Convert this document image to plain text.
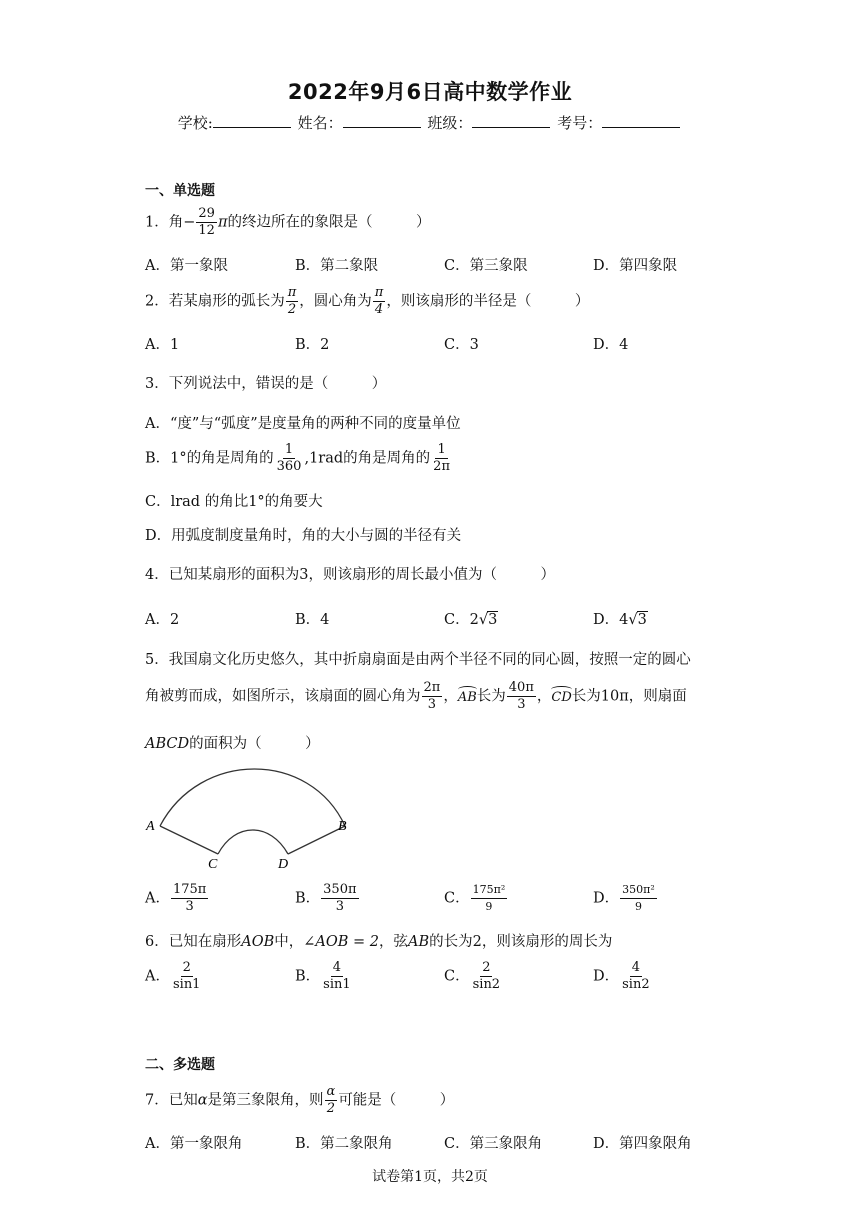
2022年9月6日高中数学作业
学校:	姓名：	班级：	考号：
一、单选题
1．角− $\frac{29}{12}$ π的终边所在的象限是（　　　）
A．第一象限	B．第二象限	C．第三象限	D．第四象限
2．若某扇形的弧长为 $\frac{\pi}{2}$ ，圆心角为 $\frac{\pi}{4}$ ，则该扇形的半径是（　　　）
A．1	B．2	C．3	D．4
3．下列说法中，错误的是（　　　）
A．“度”与“弧度”是度量角的两种不同的度量单位
B．1°的角是周角的 $\frac{1}{360} ,1rad$的角是周角的 $\frac{1}{2\pi}$
C．lrad 的角比1°的角要大
D．用弧度制度量角时，角的大小与圆的半径有关
4．已知某扇形的面积为3，则该扇形的周长最小值为（　　　）
A．2	B．4	C．2√3	D．4√3
5．我国扇文化历史悠久，其中折扇扇面是由两个半径不同的同心圆，按照一定的圆心
角被剪而成，如图所示，该扇面的圆心角为 $\frac{2\pi}{3}$ ，AB长为 $\frac{40\pi}{3}$ ，CD长为10π，则扇面
ABCD的面积为（　　　）
A	B
C	D
A． $\frac{175\pi}{3}$	B． $\frac{350\pi}{3}$	C． $\frac{\text{175π²}}{9}$	D． $\frac{\text{350π²}}{9}$
6．已知在扇形AOB中，∠AOB = 2，弦AB的长为2，则该扇形的周长为
A． $\frac{2}{\sin 1}$	B． $\frac{4}{\sin 1}$	C． $\frac{2}{\sin 2}$	D． $\frac{4}{\sin 2}$
二、多选题
7．已知α是第三象限角，则 $\frac{\alpha}{2}$ 可能是（　　　）
A．第一象限角	B．第二象限角	C．第三象限角	D．第四象限角
试卷第1页，共2页
